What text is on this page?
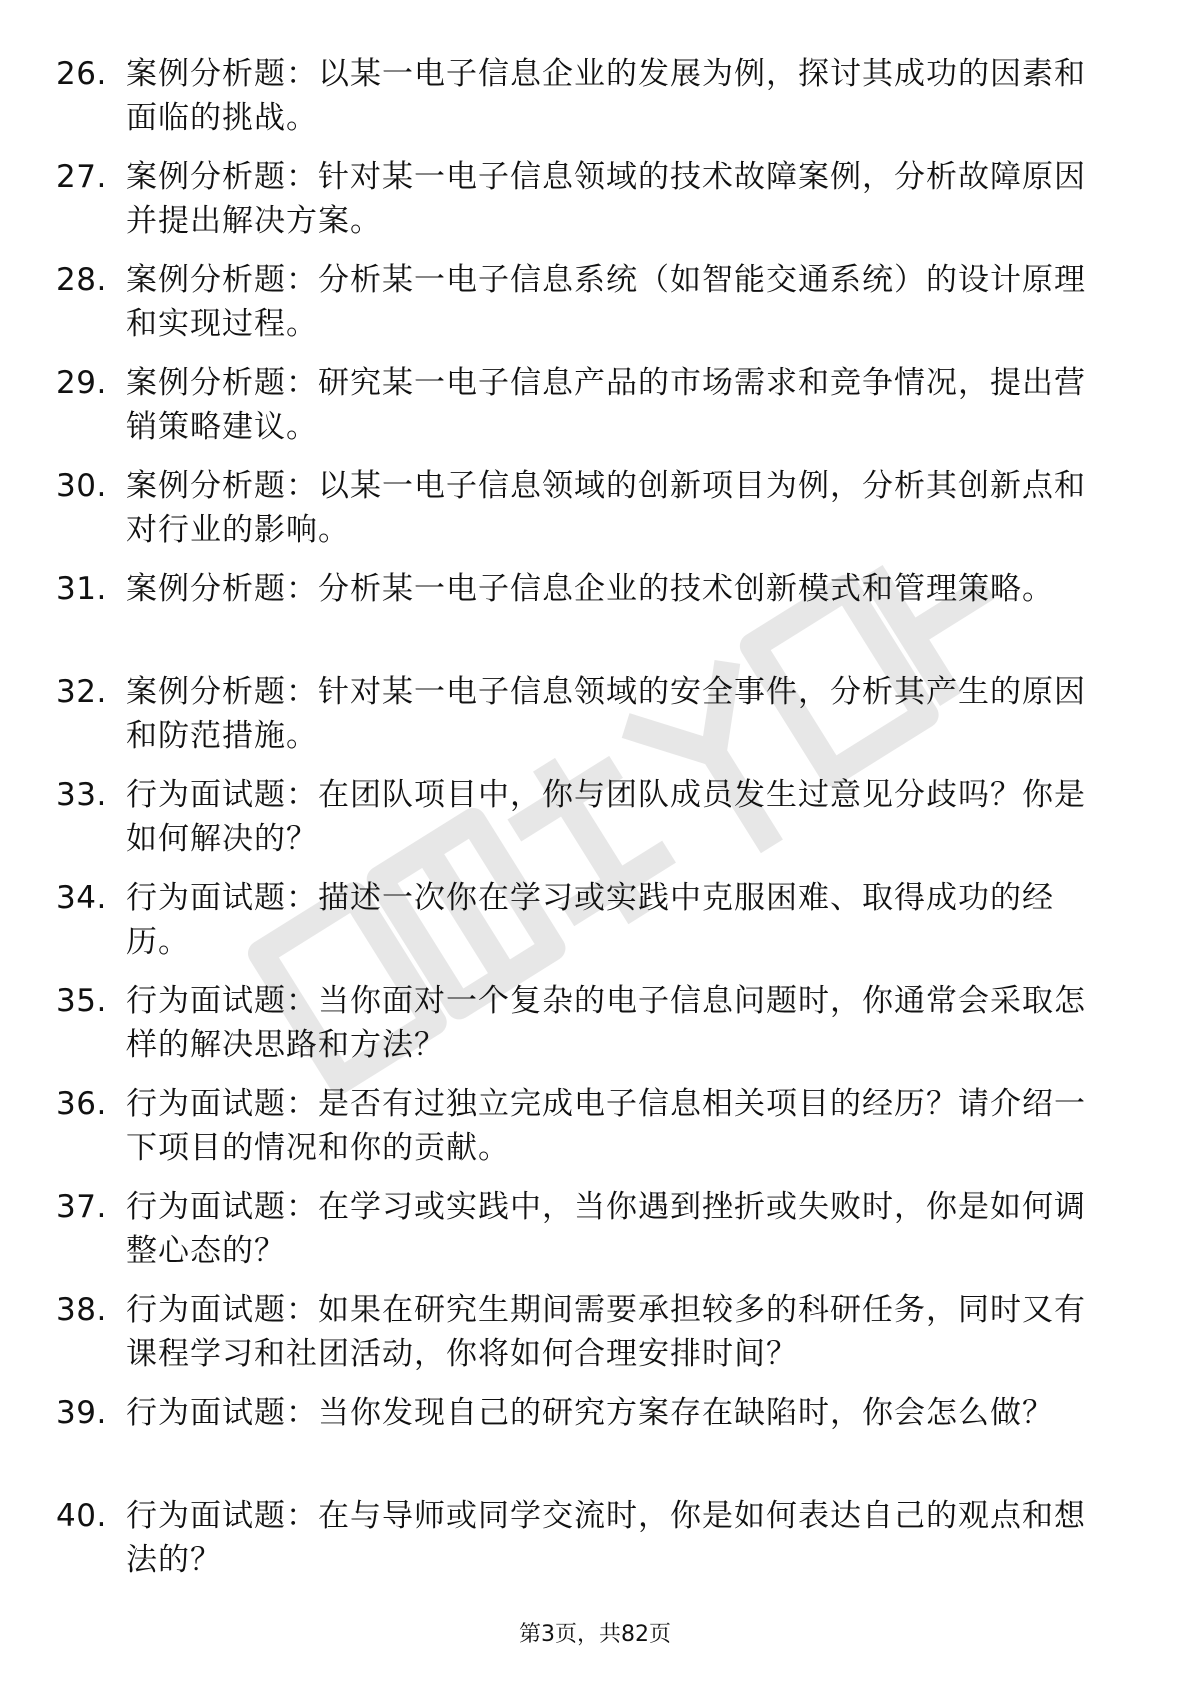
26. 案例分析题：以某一电子信息企业的发展为例，探讨其成功的因素和面临的挑战。
27. 案例分析题：针对某一电子信息领域的技术故障案例，分析故障原因并提出解决方案。
28. 案例分析题：分析某一电子信息系统（如智能交通系统）的设计原理和实现过程。
29. 案例分析题：研究某一电子信息产品的市场需求和竞争情况，提出营销策略建议。
30. 案例分析题：以某一电子信息领域的创新项目为例，分析其创新点和对行业的影响。
31. 案例分析题：分析某一电子信息企业的技术创新模式和管理策略。
32. 案例分析题：针对某一电子信息领域的安全事件，分析其产生的原因和防范措施。
33. 行为面试题：在团队项目中，你与团队成员发生过意见分歧吗？你是如何解决的？
34. 行为面试题：描述一次你在学习或实践中克服困难、取得成功的经历。
35. 行为面试题：当你面对一个复杂的电子信息问题时，你通常会采取怎样的解决思路和方法？
36. 行为面试题：是否有过独立完成电子信息相关项目的经历？请介绍一下项目的情况和你的贡献。
37. 行为面试题：在学习或实践中，当你遇到挫折或失败时，你是如何调整心态的？
38. 行为面试题：如果在研究生期间需要承担较多的科研任务，同时又有课程学习和社团活动，你将如何合理安排时间？
39. 行为面试题：当你发现自己的研究方案存在缺陷时，你会怎么做？
40. 行为面试题：在与导师或同学交流时，你是如何表达自己的观点和想法的？
第3页，共82页
